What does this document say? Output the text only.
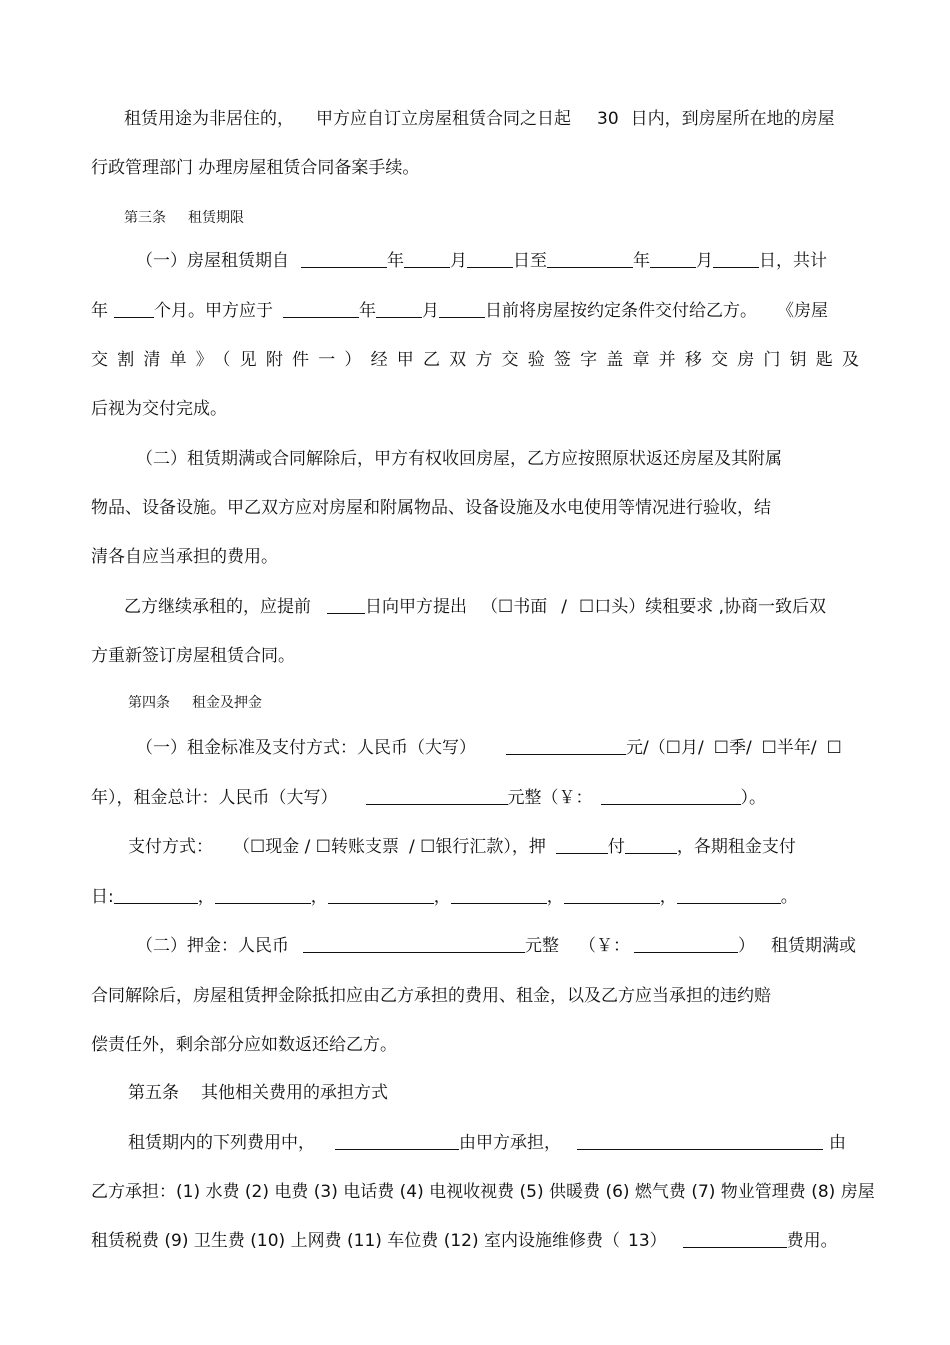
租赁用途为非居住的， 甲方应自订立房屋租赁合同之日起 30 日内，到房屋所在地的房屋
行政管理部门 办理房屋租赁合同备案手续。
第三条 租赁期限
（一）房屋租赁期自	年	月	日至	年	月	日，共计
年	个月。甲方应于	年	月	日前将房屋按约定条件交付给乙方。 《房屋
交割清单》（见附件一）经甲乙双方交验签字盖章并移交房门钥匙及
后视为交付完成。
（二）租赁期满或合同解除后，甲方有权收回房屋，乙方应按照原状返还房屋及其附属
物品、设备设施。甲乙双方应对房屋和附属物品、设备设施及水电使用等情况进行验收，结
清各自应当承担的费用。
乙方继续承租的，应提前	日向甲方提出 （☐书面 / ☐口头）续租要求 ,协商一致后双
方重新签订房屋租赁合同。
第四条 租金及押金
（一）租金标准及支付方式：人民币（大写）	元/（☐月/ ☐季/ ☐半年/ ☐
年），租金总计：人民币（大写）	元整（￥：	）。
支付方式： （☐现金 / ☐转账支票 / ☐银行汇款），押	付	，各期租金支付
日:	，	，	，	，	，	。
（二）押金：人民币	元整 （￥：	） 租赁期满或
合同解除后，房屋租赁押金除抵扣应由乙方承担的费用、租金，以及乙方应当承担的违约赔
偿责任外，剩余部分应如数返还给乙方。
第五条 其他相关费用的承担方式
租赁期内的下列费用中，	由甲方承担，	由
乙方承担：(1) 水费 (2) 电费 (3) 电话费 (4) 电视收视费 (5) 供暖费 (6) 燃气费 (7) 物业管理费 (8) 房屋
租赁税费 (9) 卫生费 (10) 上网费 (11) 车位费 (12) 室内设施维修费（ 13）	费用。
